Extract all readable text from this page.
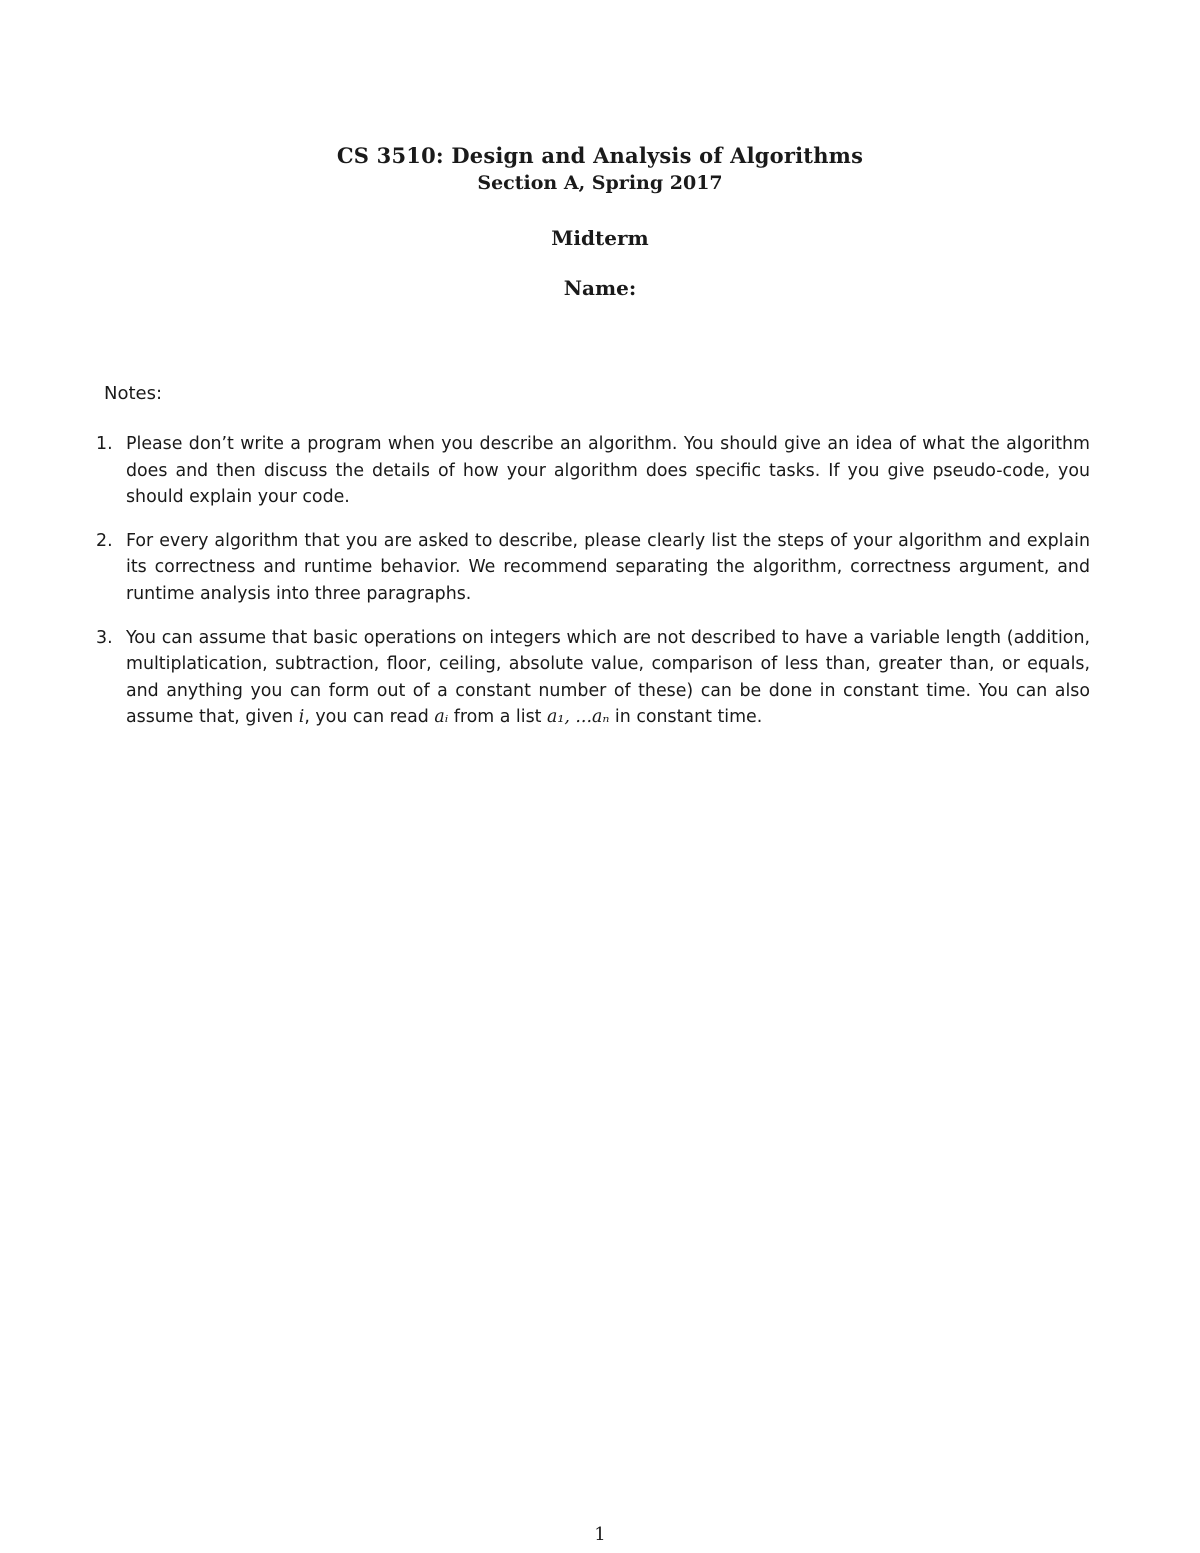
CS 3510: Design and Analysis of Algorithms
Section A, Spring 2017
Midterm
Name:
Notes:
1. Please don’t write a program when you describe an algorithm. You should give an idea of what the algorithm does and then discuss the details of how your algorithm does specific tasks. If you give pseudo-code, you should explain your code.
2. For every algorithm that you are asked to describe, please clearly list the steps of your algorithm and explain its correctness and runtime behavior. We recommend separating the algorithm, correctness argument, and runtime analysis into three paragraphs.
3. You can assume that basic operations on integers which are not described to have a variable length (addition, multiplatication, subtraction, floor, ceiling, absolute value, comparison of less than, greater than, or equals, and anything you can form out of a constant number of these) can be done in constant time. You can also assume that, given i, you can read aᵢ from a list a₁, ...aₙ in constant time.
1
